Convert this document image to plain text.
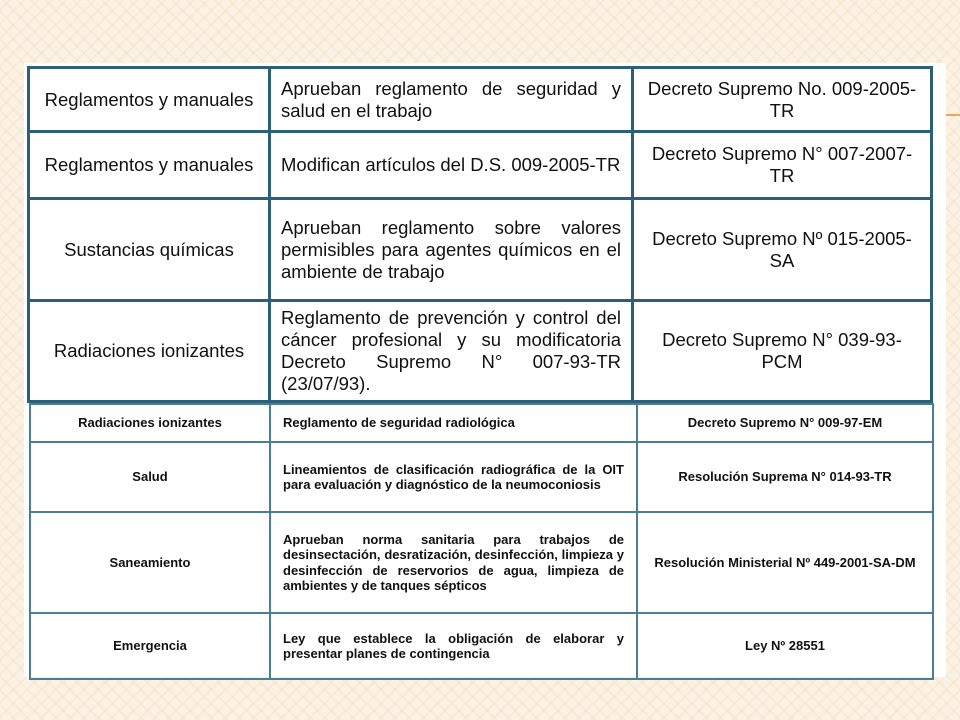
Reglamentos y manuales	Aprueban reglamento de seguridad y salud en el trabajo	Decreto Supremo No. 009-2005-TR
Reglamentos y manuales	Modifican artículos del D.S. 009-2005-TR	Decreto Supremo N° 007-2007-TR
Sustancias químicas	Aprueban reglamento sobre valores permisibles para agentes químicos en el ambiente de trabajo	Decreto Supremo Nº 015-2005-SA
Radiaciones ionizantes	Reglamento de prevención y control del cáncer profesional y su modificatoria Decreto Supremo N° 007-93-TR (23/07/93).	Decreto Supremo N° 039-93-PCM
Radiaciones ionizantes	Reglamento de seguridad radiológica	Decreto Supremo N° 009-97-EM
Salud	Lineamientos de clasificación radiográfica de la OIT para evaluación y diagnóstico de la neumoconiosis	Resolución Suprema N° 014-93-TR
Saneamiento	Aprueban norma sanitaria para trabajos de desinsectación, desratización, desinfección, limpieza y desinfección de reservorios de agua, limpieza de ambientes y de tanques sépticos	Resolución Ministerial Nº 449-2001-SA-DM
Emergencia	Ley que establece la obligación de elaborar y presentar planes de contingencia	Ley Nº 28551
